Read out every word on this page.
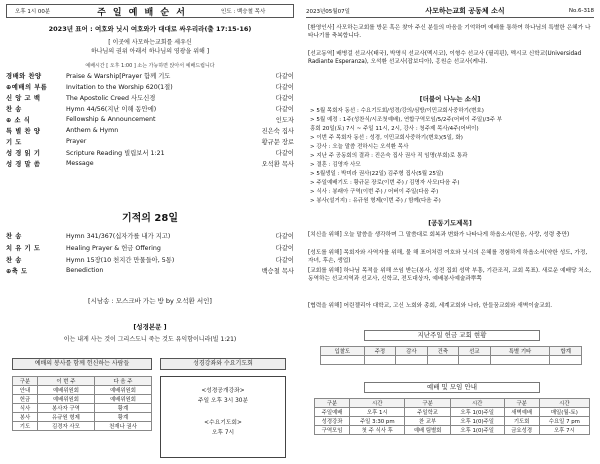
오후 1시 00분	주 일 예 배 순 서	인도 : 백승철 목사
2023년 표어 : 여호와 닛시 여호와가 대대로 싸우리라(출 17:15-16)
[ 이곳에 사모하는교회를 세우신
하나님의 권위 아래서 하나님의 영광을 위해 ]
예배시간 [ 오후 1:00 ] 소는 가능하면 앉아서 예배드립니다
경배와 찬양	Praise & Warship[Prayer 함께 기도	다같이
⊕예배의 부름	Invitation to the Worship 620(1절)	다같이
신 앙 고 백	The Apostolic Creed 사도신경	다같이
찬 송	Hymn 44/56(지난 이해 동안에)	다같이
⊕ 소 식	Fellowship & Announcement	인도자
특 별 찬 양	Anthem & Hymn	진은숙 집사
기 도	Prayer	황규문 장로
성 경 읽 기	Scripture Reading 빌립보서 1:21	다같이
성 경 말 씀	Message	오석환 목사
기적의 28일
찬 송	Hymn 341/367(십자가를 내가 지고)	다같이
치 유 기 도	Healing Prayer & 헌금 Offering	다같이
찬 송	Hymn 15장(10 천지간 만물들아, 5통)	다같이
⊕축 도	Benediction	백승철 목사
[시남송 : 모스크바 가는 방 by 오석환 서인]
[성경본문 ]
이는 내게 사는 것이 그리스도니 죽는 것도 유익함이니라(빌 1:21)
예배의 봉사를 함께 헌신하는 사람들	성경강좌와 수요기도회
구분	이 번 주	다 음 주
안내	예배위원회	예배위원회
헌금	예배위원회	예배위원회
식사	봉사자 구역	황계
봉사	유규원 형제	황계
기도	김경자 사모	천재나 권사
<성경공개강좌>
주일 오후 3시 30분
<수요기도회>
오후 7시
2023년05월07일	사모하는교회 공동체 소식	No.6-318
[환영인사] 사모하는교회를 방문 혹은 찾아 주신 분들의 마음을 기억하며 예배를 통하여 하나님의 특별한 은혜가 나타나기를 축복합니다.
[선교동역] 배병걸 선교사(태국), 박명식 선교사(멕시코), 이형수 선교사 (필리핀), 멕시코 신학교(Universidad Radiante Esperanza), 오석환 선교사(잡보디아), 홍원순 선교사(케냐).
[더불어 나누는 소식]
> 5월 목회자 동선 : 수요기도회/성경/강의/심방/이민교회사중하기(변호)
> 5월 예정 : 1주(성찬식/시조첫예배), 연합구역모임/5/2주(어버이 주일)/3주 부
흥회 20일(토) 7시 ~ 주일 11시, 2시, 강사 : 청주제 목사/4주(어버이)
> 이번 주 목회자 동선 : 성경, 이민교회사중하기(변호)(5일, 화)
> 강사 : 오늘 말씀 전하시는 오석환 목사
> 지난 주 공동회의 결과 : 진은숙 집사 권사 직 임명(부회)로 통과
> 결혼 : 김영자 사모
> 5월생일 : 박미라 권사(22일) 김주형 집사(5월 25일)
> 주일예배기도 : 황규문 장로(이번 주) / 김명자 사모(다음 주)
> 식사 : 봉래아 구역(이번 주) / 어버이 주일(다음 주)
> 봉사(설거지) : 유규원 형제(이번 주) / 함께(다음 주)
[공동기도제목]
[치신을 위해] 오늘 말씀을 생각하며 그 말씀대로 회복과 변화가 나타나게 하옵소서(믿음, 사랑, 성령 충만)
[성도를 위해] 목회자와 사역자를 위해, 물 해 표어처럼 여호와 닛시의 은혜를 경험하게 하옵소서(약한 성도, 가정, 자녀, 후손, 생업)
[교회를 위해] 하나님 목적을 위해 쓰임 받는(봉사, 성전 집회 성막 부흥, 기관조직, 교회 목표). 새로운 예배당 처소, 동역하는 선교지역과 선교사, 신학교, 전도대상자, 예배봉사예술과뿌쪽
[협력을 위해] 어린젤리아 대학교, 고신 노회와 총회, 세계교회와 나라, 한들꿈교회와 새벽이술교회.
지난주일 헌금 교회 현황
입찰도	주정	감사	건축	선교	특별 기타	합계

예배 및 모임 안내
구분	시간	구분	시간	구분	시간
주일예배	오후 1시	주일학교	오후 1(0)주일	새벽예배	매일(월-토)
성경강좌	주일 3:30 pm	찬 교부	오후 1(0)주일	기도회	수요일 7 pm
구역모임	첫 주 식사 후	예배 팀별회	오후 1(0)주일	금요성경	오후 7시
